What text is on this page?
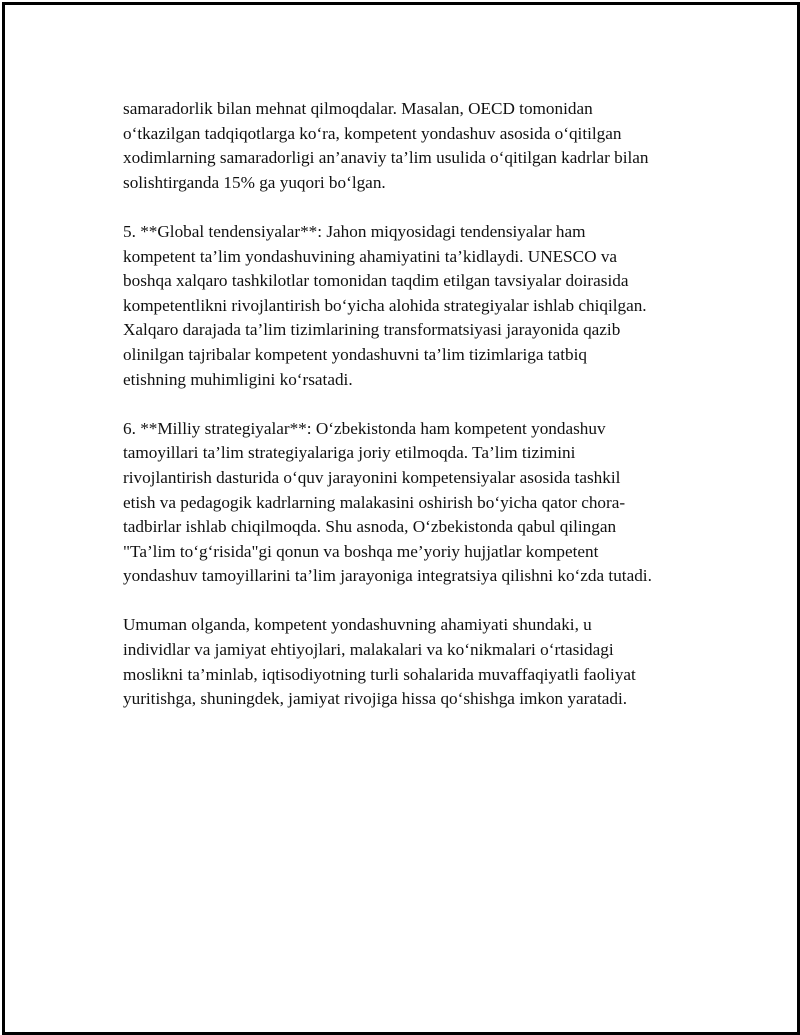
samaradorlik bilan mehnat qilmoqdalar. Masalan, OECD tomonidan
o‘tkazilgan tadqiqotlarga ko‘ra, kompetent yondashuv asosida o‘qitilgan
xodimlarning samaradorligi an’anaviy ta’lim usulida o‘qitilgan kadrlar bilan
solishtirganda 15% ga yuqori bo‘lgan.

5. **Global tendensiyalar**: Jahon miqyosidagi tendensiyalar ham
kompetent ta’lim yondashuvining ahamiyatini ta’kidlaydi. UNESCO va
boshqa xalqaro tashkilotlar tomonidan taqdim etilgan tavsiyalar doirasida
kompetentlikni rivojlantirish bo‘yicha alohida strategiyalar ishlab chiqilgan.
Xalqaro darajada ta’lim tizimlarining transformatsiyasi jarayonida qazib
olinilgan tajribalar kompetent yondashuvni ta’lim tizimlariga tatbiq
etishning muhimligini ko‘rsatadi.

6. **Milliy strategiyalar**: O‘zbekistonda ham kompetent yondashuv
tamoyillari ta’lim strategiyalariga joriy etilmoqda. Ta’lim tizimini
rivojlantirish dasturida o‘quv jarayonini kompetensiyalar asosida tashkil
etish va pedagogik kadrlarning malakasini oshirish bo‘yicha qator chora-
tadbirlar ishlab chiqilmoqda. Shu asnoda, O‘zbekistonda qabul qilingan
"Ta’lim to‘g‘risida"gi qonun va boshqa me’yoriy hujjatlar kompetent
yondashuv tamoyillarini ta’lim jarayoniga integratsiya qilishni ko‘zda tutadi.

Umuman olganda, kompetent yondashuvning ahamiyati shundaki, u
individlar va jamiyat ehtiyojlari, malakalari va ko‘nikmalari o‘rtasidagi
moslikni ta’minlab, iqtisodiyotning turli sohalarida muvaffaqiyatli faoliyat
yuritishga, shuningdek, jamiyat rivojiga hissa qo‘shishga imkon yaratadi.
